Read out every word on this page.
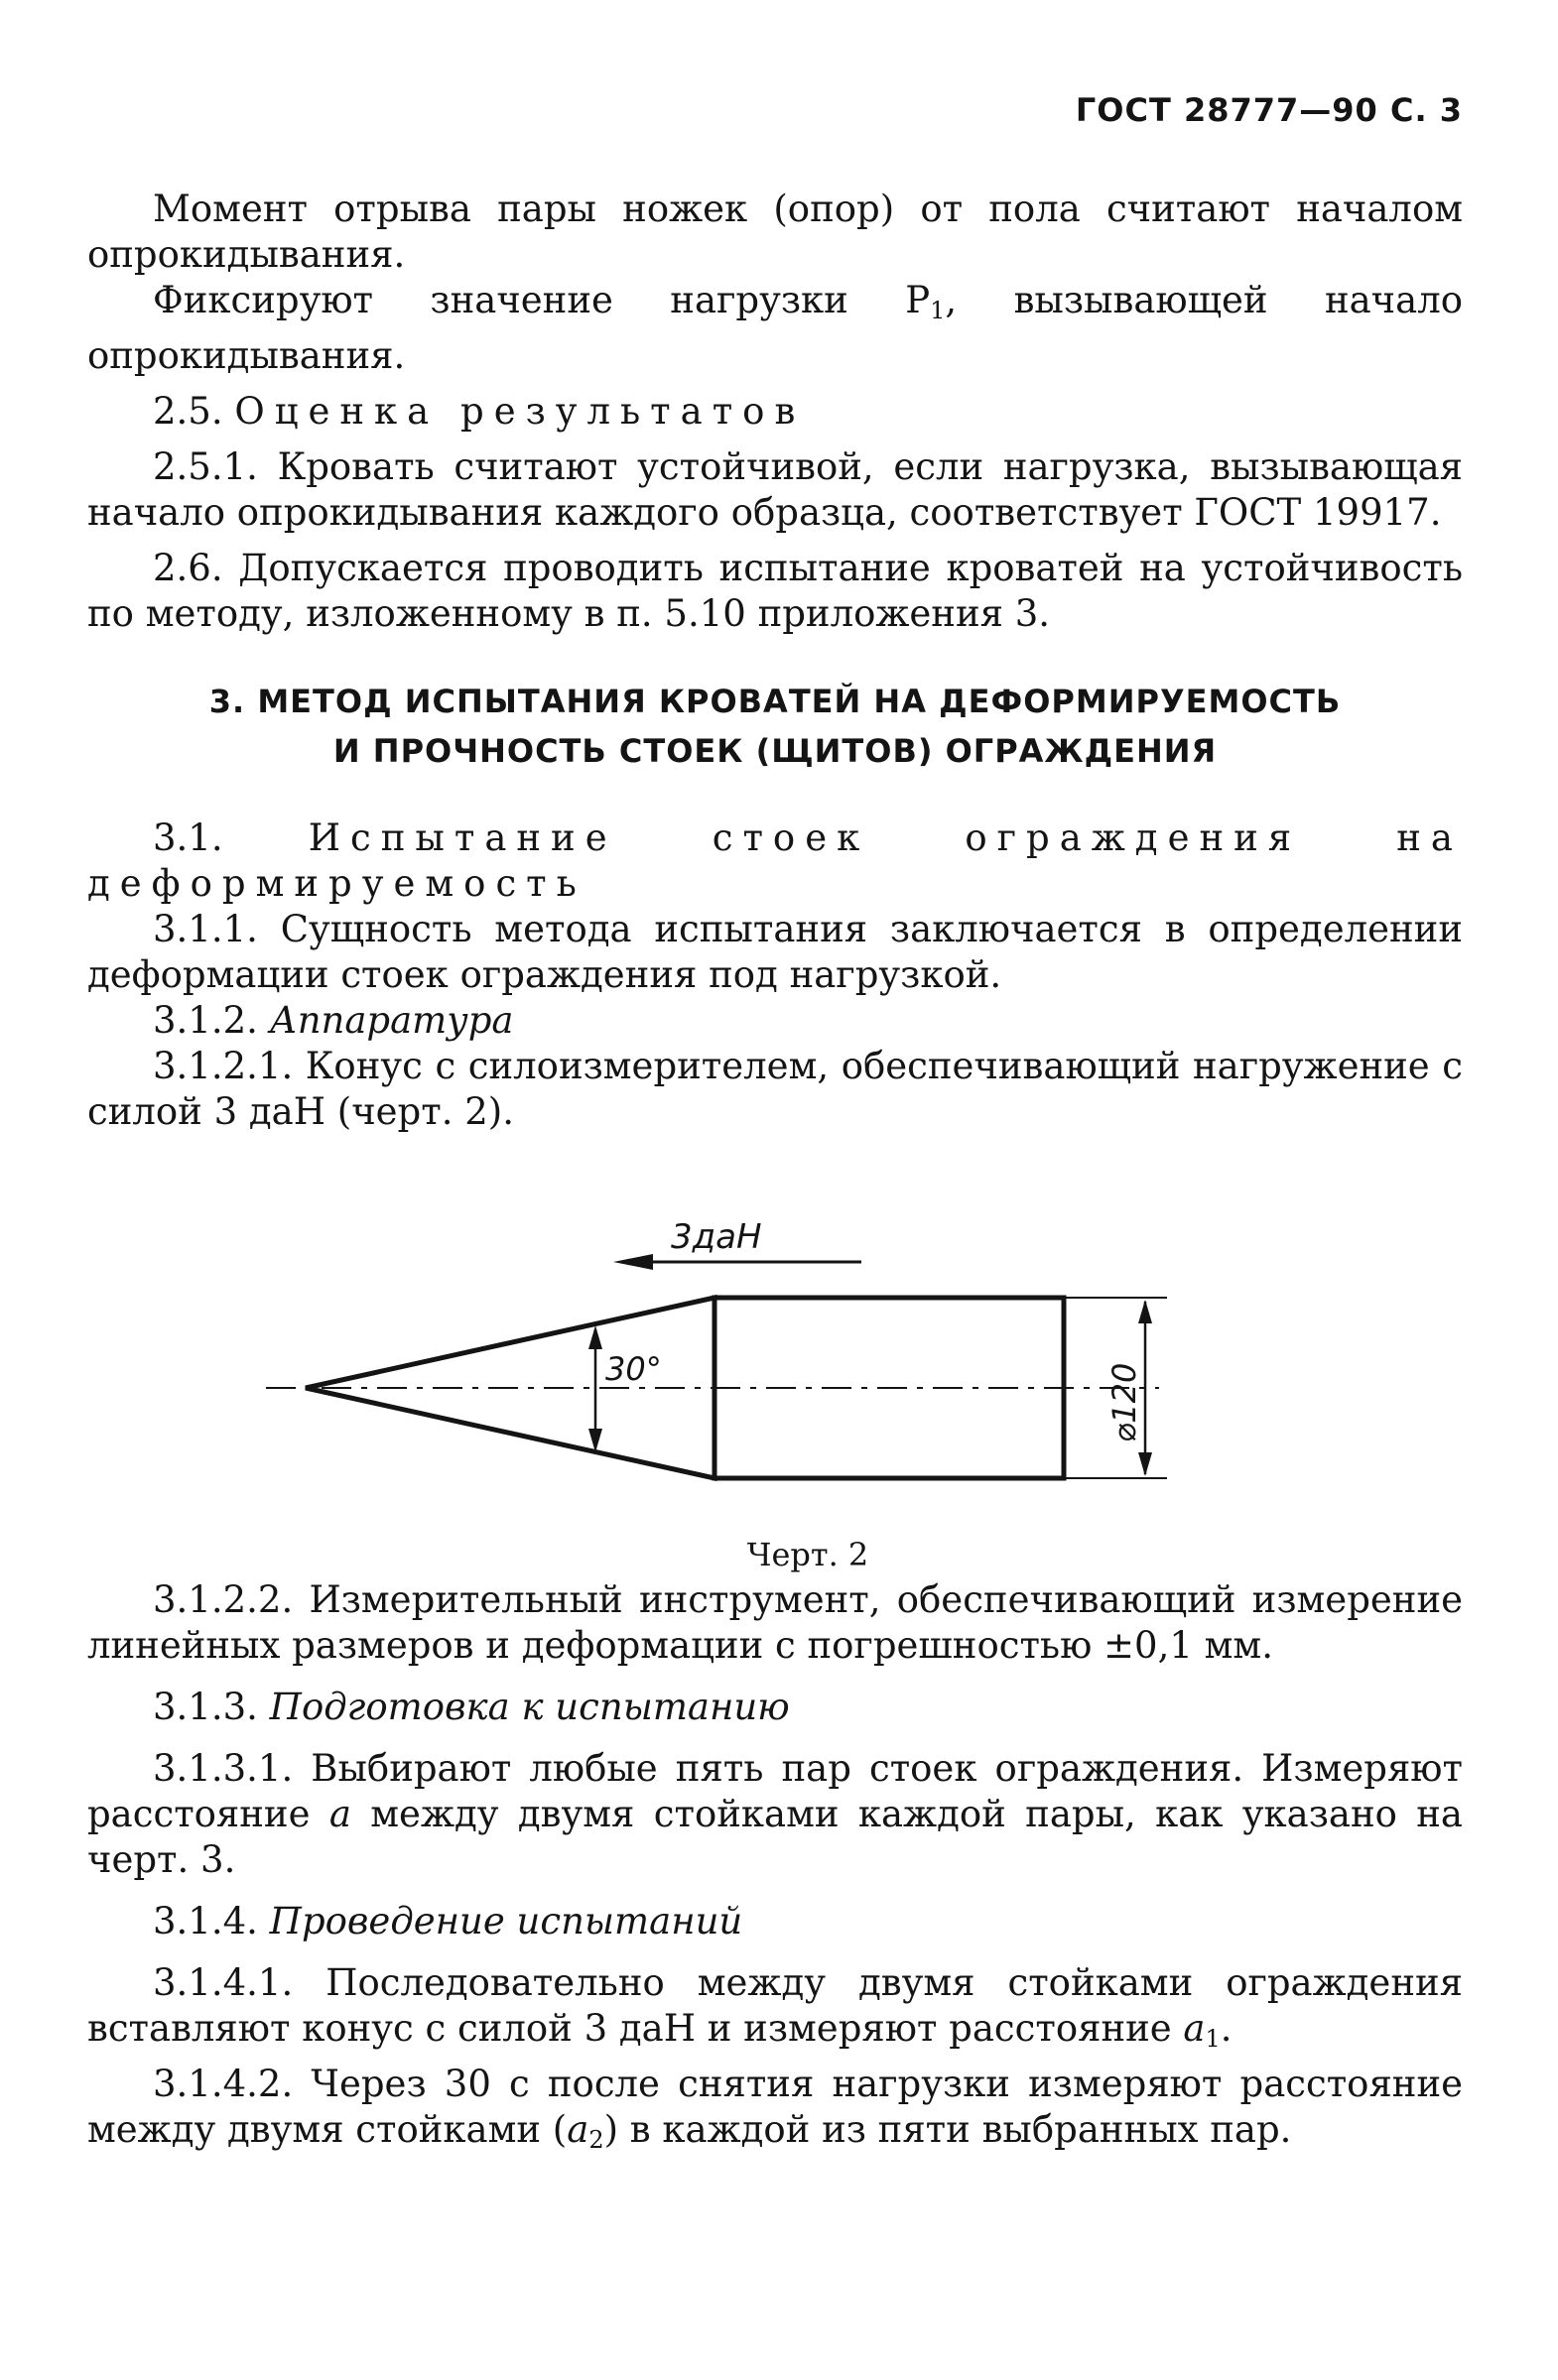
ГОСТ 28777—90 С. 3

Момент отрыва пары ножек (опор) от пола считают началом опрокидывания.

Фиксируют значение нагрузки $P_1$, вызывающей начало опрокидывания.

2.5. Оценка результатов

2.5.1. Кровать считают устойчивой, если нагрузка, вызывающая начало опрокидывания каждого образца, соответствует ГОСТ 19917.

2.6. Допускается проводить испытание кроватей на устойчивость по методу, изложенному в п. 5.10 приложения 3.

3. МЕТОД ИСПЫТАНИЯ КРОВАТЕЙ НА ДЕФОРМИРУЕМОСТЬ
И ПРОЧНОСТЬ СТОЕК (ЩИТОВ) ОГРАЖДЕНИЯ

3.1. Испытание стоек ограждения на деформируемость

3.1.1. Сущность метода испытания заключается в определении деформации стоек ограждения под нагрузкой.

3.1.2. Аппаратура

3.1.2.1. Конус с силоизмерителем, обеспечивающий нагружение с силой 3 даН (черт. 2).

3даН
30°	⌀120

Черт. 2

3.1.2.2. Измерительный инструмент, обеспечивающий измерение линейных размеров и деформации с погрешностью ±0,1 мм.

3.1.3. Подготовка к испытанию

3.1.3.1. Выбирают любые пять пар стоек ограждения. Измеряют расстояние a между двумя стойками каждой пары, как указано на черт. 3.

3.1.4. Проведение испытаний

3.1.4.1. Последовательно между двумя стойками ограждения вставляют конус с силой 3 даН и измеряют расстояние $a_1$.

3.1.4.2. Через 30 с после снятия нагрузки измеряют расстояние между двумя стойками $(a_2)$ в каждой из пяти выбранных пар.
